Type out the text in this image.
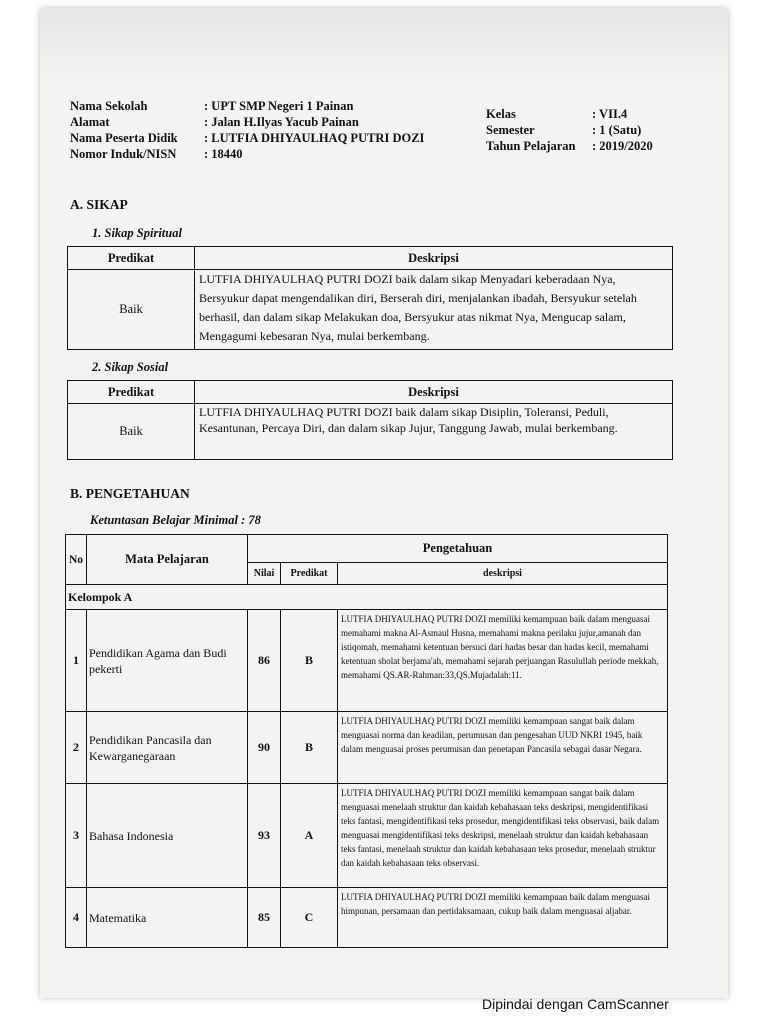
Nama Sekolah	: UPT SMP Negeri 1 Painan
Alamat	: Jalan H.Ilyas Yacub Painan
Nama Peserta Didik	: LUTFIA DHIYAULHAQ PUTRI DOZI
Nomor Induk/NISN	: 18440
Kelas	: VII.4
Semester	: 1 (Satu)
Tahun Pelajaran	: 2019/2020
A. SIKAP
1. Sikap Spiritual
Predikat	Deskripsi
Baik	LUTFIA DHIYAULHAQ PUTRI DOZI baik dalam sikap Menyadari keberadaan Nya, Bersyukur dapat mengendalikan diri, Berserah diri, menjalankan ibadah, Bersyukur setelah berhasil, dan dalam sikap Melakukan doa, Bersyukur atas nikmat Nya, Mengucap salam, Mengagumi kebesaran Nya, mulai berkembang.
2. Sikap Sosial
Predikat	Deskripsi
Baik	LUTFIA DHIYAULHAQ PUTRI DOZI baik dalam sikap Disiplin, Toleransi, Peduli, Kesantunan, Percaya Diri, dan dalam sikap Jujur, Tanggung Jawab, mulai berkembang.
B. PENGETAHUAN
Ketuntasan Belajar Minimal : 78
No	Mata Pelajaran	Pengetahuan		
		Nilai	Predikat	deskripsi
Kelompok A				
1	Pendidikan Agama dan Budi pekerti	86	B	LUTFIA DHIYAULHAQ PUTRI DOZI memiliki kemampuan baik dalam menguasai memahami makna Al-Asmaul Husna, memahami makna perilaku jujur,amanah dan istiqomah, memahami ketentuan bersuci dari hadas besar dan hadas kecil, memahami ketentuan sholat berjama'ah, memahami sejarah perjuangan Rasulullah periode mekkah, memahami QS.AR-Rahman:33,QS.Mujadalah:11.
2	Pendidikan Pancasila dan Kewarganegaraan	90	B	LUTFIA DHIYAULHAQ PUTRI DOZI memiliki kemampuan sangat baik dalam menguasai norma dan keadilan, perumusan dan pengesahan UUD NKRI 1945, baik dalam menguasai proses perumusan dan penetapan Pancasila sebagai dasar Negara.
3	Bahasa Indonesia	93	A	LUTFIA DHIYAULHAQ PUTRI DOZI memiliki kemampuan sangat baik dalam menguasai menelaah struktur dan kaidah kebahasaan teks deskripsi, mengidentifikasi teks fantasi, mengidentifikasi teks prosedur, mengidentifikasi teks observasi, baik dalam menguasai mengidentifikasi teks deskripsi, menelaah struktur dan kaidah kebahasaan teks fantasi, menelaah struktur dan kaidah kebahasaan teks prosedur, menelaah struktur dan kaidah kebahasaan teks observasi.
4	Matematika	85	C	LUTFIA DHIYAULHAQ PUTRI DOZI memiliki kemampuan baik dalam menguasai himpunan, persamaan dan pertidaksamaan, cukup baik dalam menguasai aljabar.
Dipindai dengan CamScanner
